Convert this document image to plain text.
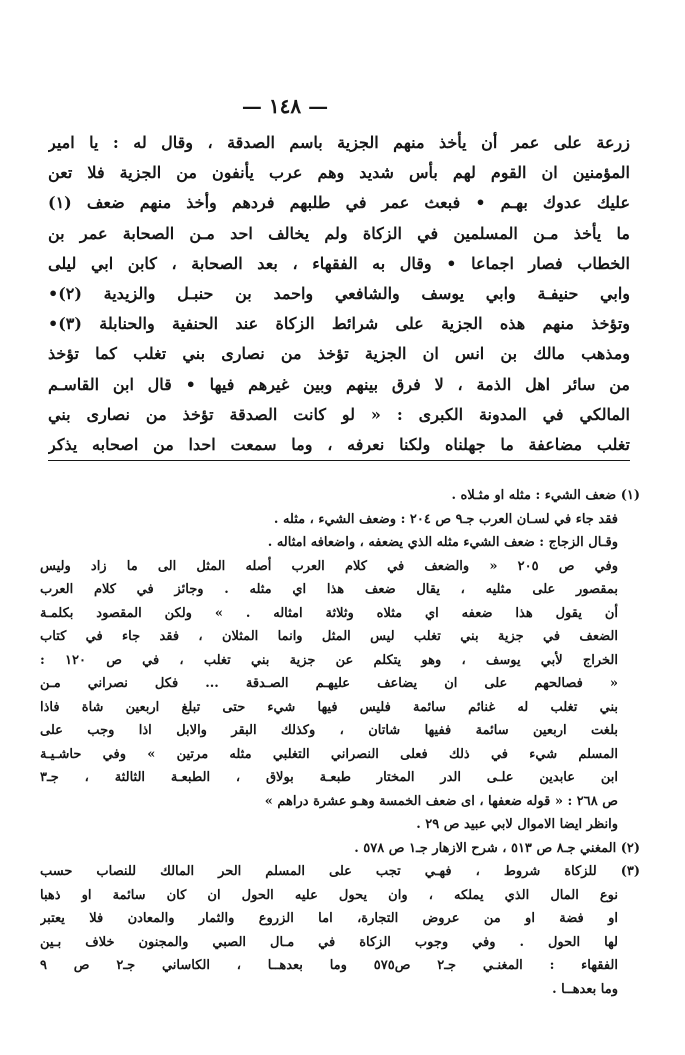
— ١٤٨ —
زرعة على عمر أن يأخذ منهم الجزية باسم الصدقة ، وقال له : يا امير
المؤمنين ان القوم لهم بأس شديد وهم عرب يأنفون من الجزية فلا تعن
عليك عدوك بهـم • فبعث عمر في طلبهم فردهم وأخذ منهم ضعف (١)
ما يأخذ مـن المسلمين في الزكاة ولم يخالف احد مـن الصحابة عمر بن
الخطاب فصار اجماعا • وقال به الفقهاء ، بعد الصحابة ، كابن ابي ليلى
وابي حنيفـة وابي يوسف والشافعي واحمد بن حنبـل والزيدية (٢)•
وتؤخذ منهم هذه الجزية على شرائط الزكاة عند الحنفية والحنابلة (٣)•
ومذهب مالك بن انس ان الجزية تؤخذ من نصارى بني تغلب كما تؤخذ
من سائر اهل الذمة ، لا فرق بينهم وبين غيرهم فيها • قال ابن القاسـم
المالكي في المدونة الكبرى : « لو كانت الصدقة تؤخذ من نصارى بني
تغلب مضاعفة ما جهلناه ولكنا نعرفه ، وما سمعت احدا من اصحابه يذكر
(١) ضعف الشيء : مثله او مثـلاه .
فقد جاء في لسـان العرب جـ٩ ص ٢٠٤ : وضعف الشيء ، مثله .
وقـال الزجاج : ضعف الشيء مثله الذي يضعفه ، واضعافه امثاله .
وفي ص ٢٠٥ « والضعف في كلام العرب أصله المثل الى ما زاد وليس
بمقصور على مثليه ، يقال ضعف هذا اي مثله . وجائز في كلام العرب
أن يقول هذا ضعفه اي مثلاه وثلاثة امثاله . » ولكن المقصود بكلمـة
الضعف في جزية بني تغلب ليس المثل وانما المثلان ، فقد جاء في كتاب
الخراج لأبي يوسف ، وهو يتكلم عن جزية بني تغلب ، في ص ١٢٠ :
« فصالحهم على ان يضاعف عليهـم الصـدقة ... فكل نصراني مـن
بني تغلب له غنائم سائمة فليس فيها شيء حتى تبلغ اربعين شاة فاذا
بلغت اربعين سائمة ففيها شاتان ، وكذلك البقر والابل اذا وجب على
المسلم شيء في ذلك فعلى النصراني التغلبي مثله مرتين » وفي حاشـيـة
ابن عابدين علـى الدر المختار طبعـة بولاق ، الطبعـة الثالثة ، جـ٣
ص ٢٦٨ : « قوله ضعفها ، اى ضعف الخمسة وهـو عشرة دراهم »
وانظر ايضا الاموال لابي عبيد ص ٢٩ .
(٢) المغني جـ٨ ص ٥١٣ ، شرح الازهار جـ١ ص ٥٧٨ .
(٣) للزكاة شروط ، فهـي تجب على المسلم الحر المالك للنصاب حسب
نوع المال الذي يملكه ، وان يحول عليه الحول ان كان سائمة او ذهبا
او فضة او من عروض التجارة، اما الزروع والثمار والمعادن فلا يعتبر
لها الحول . وفي وجوب الزكاة في مـال الصبي والمجنون خلاف بـين
الفقهاء : المغنـي جـ٢ ص٥٧٥ وما بعدهــا ، الكاساني جـ٢ ص ٩
وما بعدهــا .
